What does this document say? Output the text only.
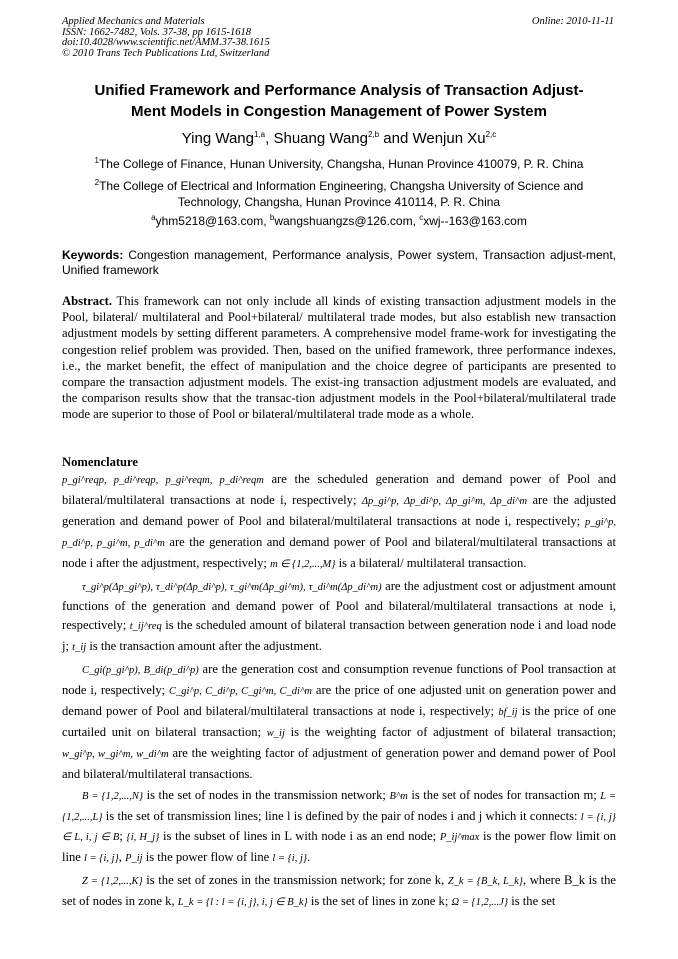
Applied Mechanics and Materials
ISSN: 1662-7482, Vols. 37-38, pp 1615-1618
doi:10.4028/www.scientific.net/AMM.37-38.1615
© 2010 Trans Tech Publications Ltd, Switzerland
Online: 2010-11-11
Unified Framework and Performance Analysis of Transaction Adjust-
Ment Models in Congestion Management of Power System
Ying Wang$^{1,a}$, Shuang Wang$^{2,b}$ and Wenjun Xu$^{2,c}$
$^1$The College of Finance, Hunan University, Changsha, Hunan Province 410079, P. R. China
$^2$The College of Electrical and Information Engineering, Changsha University of Science and
Technology, Changsha, Hunan Province 410114, P. R. China
$^a$yhm5218@163.com, $^b$wangshuangzs@126.com, $^c$xwj--163@163.com
Keywords: Congestion management, Performance analysis, Power system, Transaction adjust-ment, Unified framework
Abstract. This framework can not only include all kinds of existing transaction adjustment models in the Pool, bilateral/ multilateral and Pool+bilateral/ multilateral trade modes, but also establish new transaction adjustment models by setting different parameters. A comprehensive model frame-work for investigating the congestion relief problem was provided. Then, based on the unified framework, three performance indexes, i.e., the market benefit, the effect of manipulation and the choice degree of participants are presented to compare the transaction adjustment models. The exist-ing transaction adjustment models are evaluated, and the comparison results show that the transac-tion adjustment models in the Pool+bilateral/multilateral trade mode are superior to those of Pool or bilateral/multilateral trade mode as a whole.
Nomenclature

p_gi^reqp, p_di^reqp, p_gi^reqm, p_di^reqm are the scheduled generation and demand power of Pool and bilateral/multilateral transactions at node i, respectively; Δp_gi^p, Δp_di^p, Δp_gi^m, Δp_di^m are the adjusted generation and demand power of Pool and bilateral/multilateral transactions at node i, respectively; p_gi^p, p_di^p, p_gi^m, p_di^m are the generation and demand power of Pool and bilateral/multilateral transactions at node i after the adjustment, respectively; m ∈ {1,2,...,M} is a bilateral/ multilateral transaction.

τ_gi^p(Δp_gi^p), τ_di^p(Δp_di^p), τ_gi^m(Δp_gi^m), τ_di^m(Δp_di^m) are the adjustment cost or adjustment amount functions of the generation and demand power of Pool and bilateral/multilateral transactions at node i, respectively; t_ij^req is the scheduled amount of bilateral transaction between generation node i and load node j; t_ij is the transaction amount after the adjustment.

C_gi(p_gi^p), B_di(p_di^p) are the generation cost and consumption revenue functions of Pool transaction at node i, respectively; C_gi^p, C_di^p, C_gi^m, C_di^m are the price of one adjusted unit on generation power and demand power of Pool and bilateral/multilateral transactions at node i, respectively; bf_ij is the price of one curtailed unit on bilateral transaction; w_ij is the weighting factor of adjustment of bilateral transaction; w_gi^p, w_gi^m, w_di^m are the weighting factor of adjustment of generation power and demand power of Pool and bilateral/multilateral transactions.

B = {1,2,...,N} is the set of nodes in the transmission network; B^m is the set of nodes for transaction m; L = {1,2,...,L} is the set of transmission lines; line l is defined by the pair of nodes i and j which it connects: l = {i, j} ∈ L, i, j ∈ B; {i, H_j} is the subset of lines in L with node i as an end node; P_ij^max is the power flow limit on line l = {i, j}, P_ij is the power flow of line l = {i, j}.

Z = {1,2,...,K} is the set of zones in the transmission network; for zone k, Z_k = {B_k, L_k}, where B_k is the set of nodes in zone k, L_k = {l : l = {i, j}, i, j ∈ B_k} is the set of lines in zone k; Ω = {1,2,...J} is the set
